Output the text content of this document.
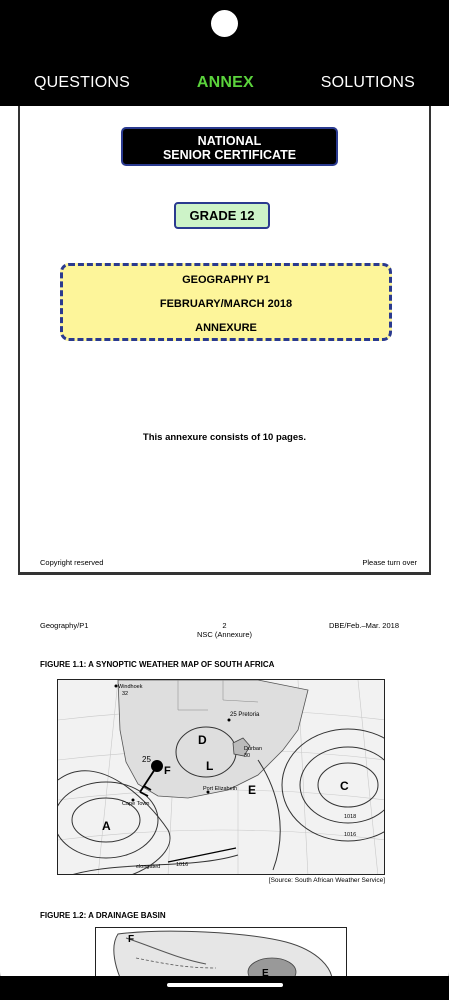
QUESTIONS	ANNEX	SOLUTIONS
NATIONAL
SENIOR CERTIFICATE
GRADE 12
GEOGRAPHY P1
FEBRUARY/MARCH 2018
ANNEXURE
This annexure consists of 10 pages.
Copyright reserved	Please turn over
Geography/P1	2
NSC (Annexure)
DBE/Feb.–Mar. 2018
FIGURE 1.1: A SYNOPTIC WEATHER MAP OF SOUTH AFRICA
Windhoek
32
25 Pretoria
Durban
30
Cape Town
Port Elizabeth
25
F
D
L
E
A
C
elongated	1016
1018
1016
[Source: South African Weather Service]
FIGURE 1.2: A DRAINAGE BASIN
F
E
